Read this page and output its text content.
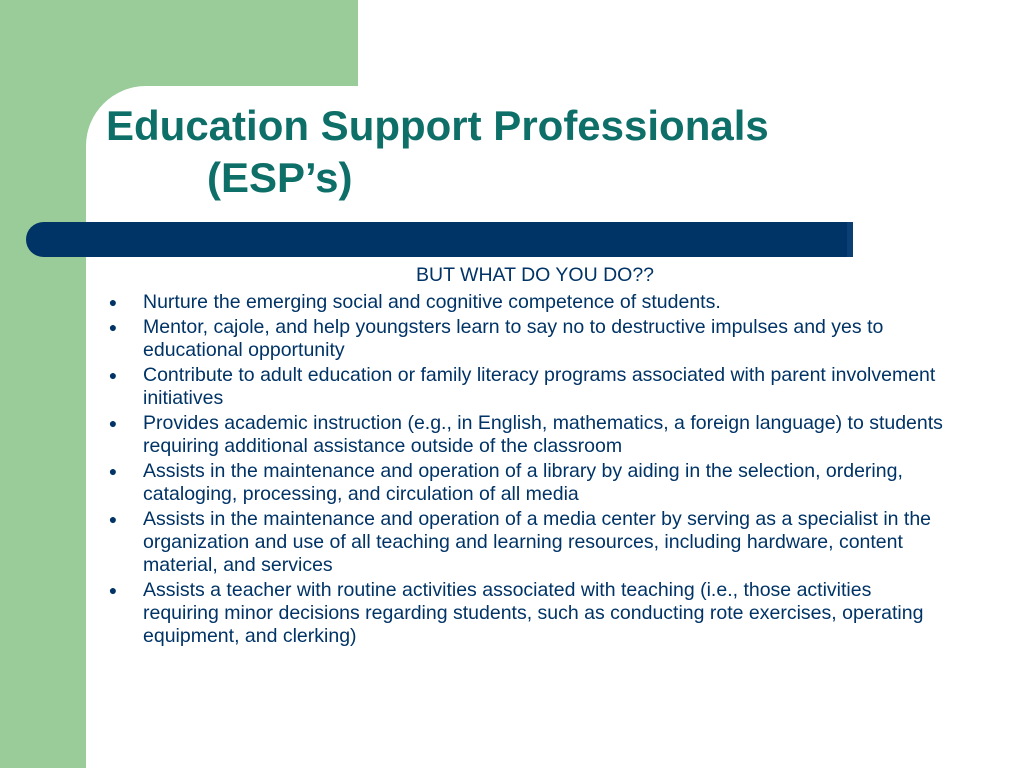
Education Support Professionals
(ESP’s)
BUT WHAT DO YOU DO??
● Nurture the emerging social and cognitive competence of students.
● Mentor, cajole, and help youngsters learn to say no to destructive impulses and yes to educational opportunity
● Contribute to adult education or family literacy programs associated with parent involvement initiatives
● Provides academic instruction (e.g., in English, mathematics, a foreign language) to students requiring additional assistance outside of the classroom
● Assists in the maintenance and operation of a library by aiding in the selection, ordering, cataloging, processing, and circulation of all media
● Assists in the maintenance and operation of a media center by serving as a specialist in the organization and use of all teaching and learning resources, including hardware, content material, and services
● Assists a teacher with routine activities associated with teaching (i.e., those activities requiring minor decisions regarding students, such as conducting rote exercises, operating equipment, and clerking)
